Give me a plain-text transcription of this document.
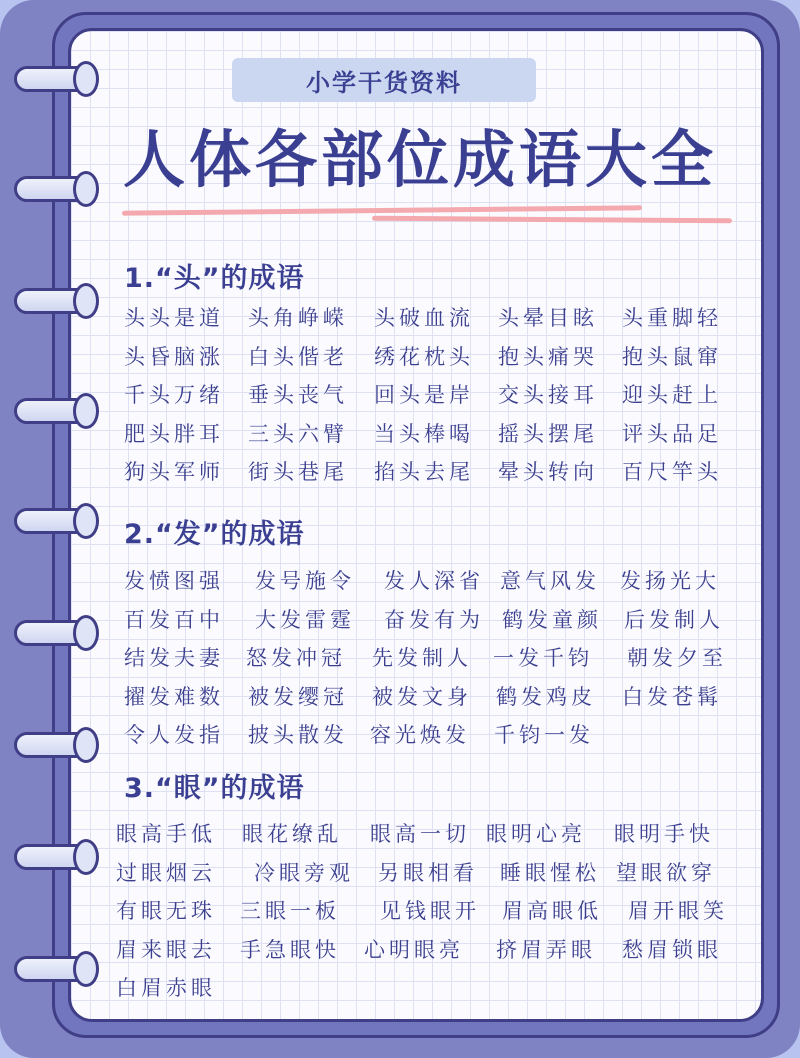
小学干货资料
人体各部位成语大全
1.“头”的成语
2.“发”的成语
3.“眼”的成语
头头是道 头角峥嵘 头破血流 头晕目眩 头重脚轻
头昏脑涨 白头偕老 绣花枕头 抱头痛哭 抱头鼠窜
千头万绪 垂头丧气 回头是岸 交头接耳 迎头赶上
肥头胖耳 三头六臂 当头棒喝 摇头摆尾 评头品足
狗头军师 街头巷尾 掐头去尾 晕头转向 百尺竿头
发愤图强 发号施令 发人深省 意气风发 发扬光大
百发百中 大发雷霆 奋发有为 鹤发童颜 后发制人
结发夫妻 怒发冲冠 先发制人 一发千钧 朝发夕至
擢发难数 被发缨冠 被发文身 鹤发鸡皮 白发苍髯
令人发指 披头散发 容光焕发 千钧一发
眼高手低 眼花缭乱 眼高一切 眼明心亮 眼明手快
过眼烟云 冷眼旁观 另眼相看 睡眼惺松 望眼欲穿
有眼无珠 三眼一板 见钱眼开 眉高眼低 眉开眼笑
眉来眼去 手急眼快 心明眼亮 挤眉弄眼 愁眉锁眼
白眉赤眼
